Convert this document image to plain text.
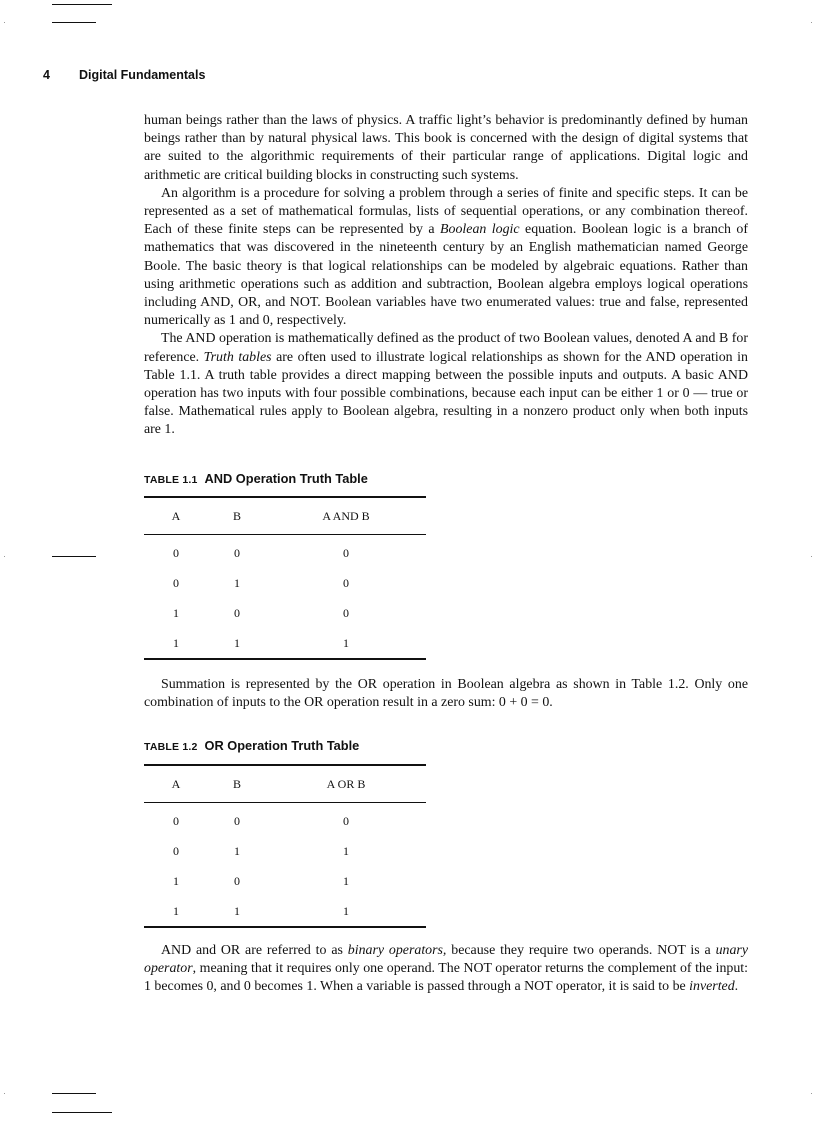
4 Digital Fundamentals

human beings rather than the laws of physics. A traffic light’s behavior is predominantly defined by human beings rather than by natural physical laws. This book is concerned with the design of digital systems that are suited to the algorithmic requirements of their particular range of applications. Digital logic and arithmetic are critical building blocks in constructing such systems.

An algorithm is a procedure for solving a problem through a series of finite and specific steps. It can be represented as a set of mathematical formulas, lists of sequential operations, or any combination thereof. Each of these finite steps can be represented by a Boolean logic equation. Boolean logic is a branch of mathematics that was discovered in the nineteenth century by an English mathematician named George Boole. The basic theory is that logical relationships can be modeled by algebraic equations. Rather than using arithmetic operations such as addition and subtraction, Boolean algebra employs logical operations including AND, OR, and NOT. Boolean variables have two enumerated values: true and false, represented numerically as 1 and 0, respectively.

The AND operation is mathematically defined as the product of two Boolean values, denoted A and B for reference. Truth tables are often used to illustrate logical relationships as shown for the AND operation in Table 1.1. A truth table provides a direct mapping between the possible inputs and outputs. A basic AND operation has two inputs with four possible combinations, because each input can be either 1 or 0 — true or false. Mathematical rules apply to Boolean algebra, resulting in a nonzero product only when both inputs are 1.

TABLE 1.1 AND Operation Truth Table
A	B	A AND B
0	0	0
0	1	0
1	0	0
1	1	1

Summation is represented by the OR operation in Boolean algebra as shown in Table 1.2. Only one combination of inputs to the OR operation result in a zero sum: 0 + 0 = 0.

TABLE 1.2 OR Operation Truth Table
A	B	A OR B
0	0	0
0	1	1
1	0	1
1	1	1

AND and OR are referred to as binary operators, because they require two operands. NOT is a unary operator, meaning that it requires only one operand. The NOT operator returns the complement of the input: 1 becomes 0, and 0 becomes 1. When a variable is passed through a NOT operator, it is said to be inverted.
